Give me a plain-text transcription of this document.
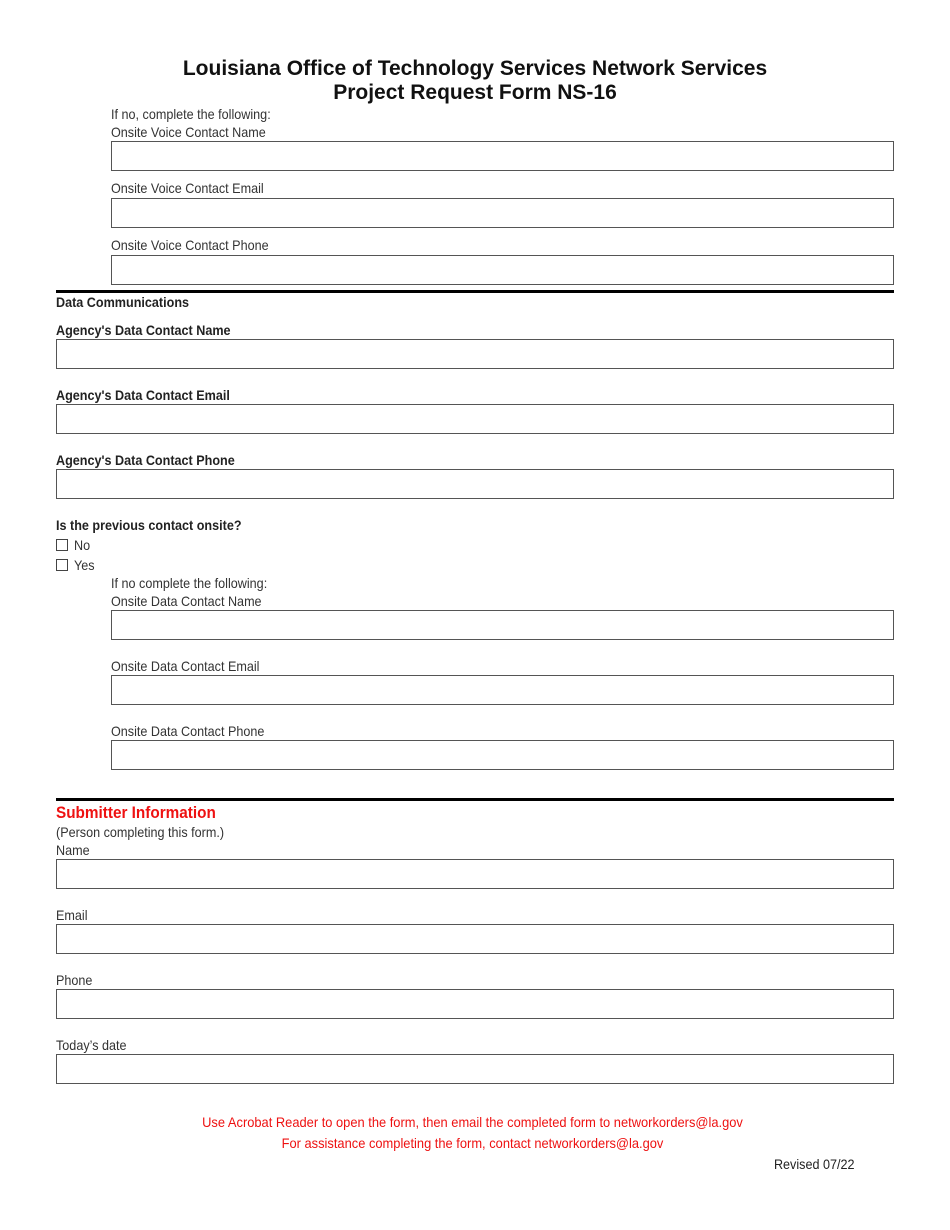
Louisiana Office of Technology Services Network Services
Project Request Form NS-16
If no, complete the following:
Onsite Voice Contact Name
Onsite Voice Contact Email
Onsite Voice Contact Phone
Data Communications
Agency's Data Contact Name
Agency's Data Contact Email
Agency's Data Contact Phone
Is the previous contact onsite?
No
Yes
If no complete the following:
Onsite Data Contact Name
Onsite Data Contact Email
Onsite Data Contact Phone
Submitter Information
(Person completing this form.)
Name
Email
Phone
Today’s date
Use Acrobat Reader to open the form, then email the completed form to networkorders@la.gov
For assistance completing the form, contact networkorders@la.gov
Revised 07/22
